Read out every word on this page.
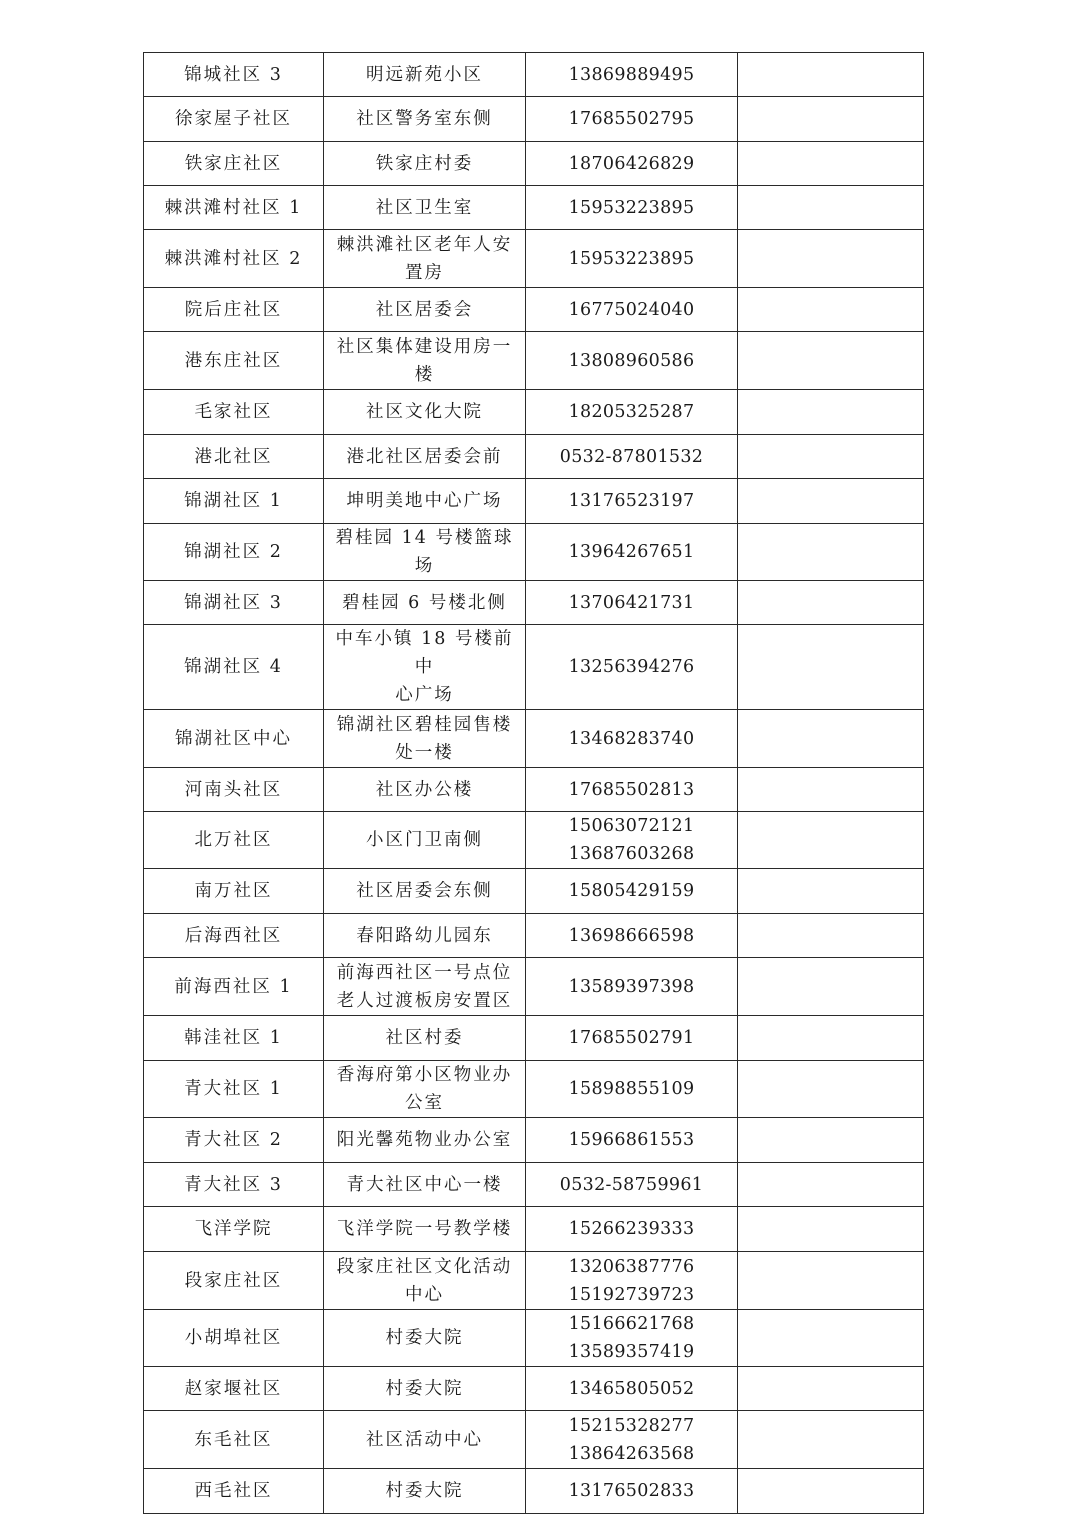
锦城社区 3	明远新苑小区	13869889495	

徐家屋子社区	社区警务室东侧	17685502795	

铁家庄社区	铁家庄村委	18706426829	

棘洪滩村社区 1	社区卫生室	15953223895	

棘洪滩村社区 2	棘洪滩社区老年人安
置房	15953223895	

院后庄社区	社区居委会	16775024040	

港东庄社区	社区集体建设用房一
楼	13808960586	

毛家社区	社区文化大院	18205325287	

港北社区	港北社区居委会前	0532-87801532	

锦湖社区 1	坤明美地中心广场	13176523197	

锦湖社区 2	碧桂园 14 号楼篮球场	13964267651	

锦湖社区 3	碧桂园 6 号楼北侧	13706421731	

锦湖社区 4	中车小镇 18 号楼前中
心广场	13256394276	

锦湖社区中心	锦湖社区碧桂园售楼
处一楼	13468283740	

河南头社区	社区办公楼	17685502813	

北万社区	小区门卫南侧	15063072121
13687603268	

南万社区	社区居委会东侧	15805429159	

后海西社区	春阳路幼儿园东	13698666598	

前海西社区 1	前海西社区一号点位
老人过渡板房安置区	13589397398	

韩洼社区 1	社区村委	17685502791	

青大社区 1	香海府第小区物业办
公室	15898855109	

青大社区 2	阳光馨苑物业办公室	15966861553	

青大社区 3	青大社区中心一楼	0532-58759961	

飞洋学院	飞洋学院一号教学楼	15266239333	

段家庄社区	段家庄社区文化活动
中心	13206387776
15192739723	

小胡埠社区	村委大院	15166621768
13589357419	

赵家堰社区	村委大院	13465805052	

东毛社区	社区活动中心	15215328277
13864263568	

西毛社区	村委大院	13176502833	
